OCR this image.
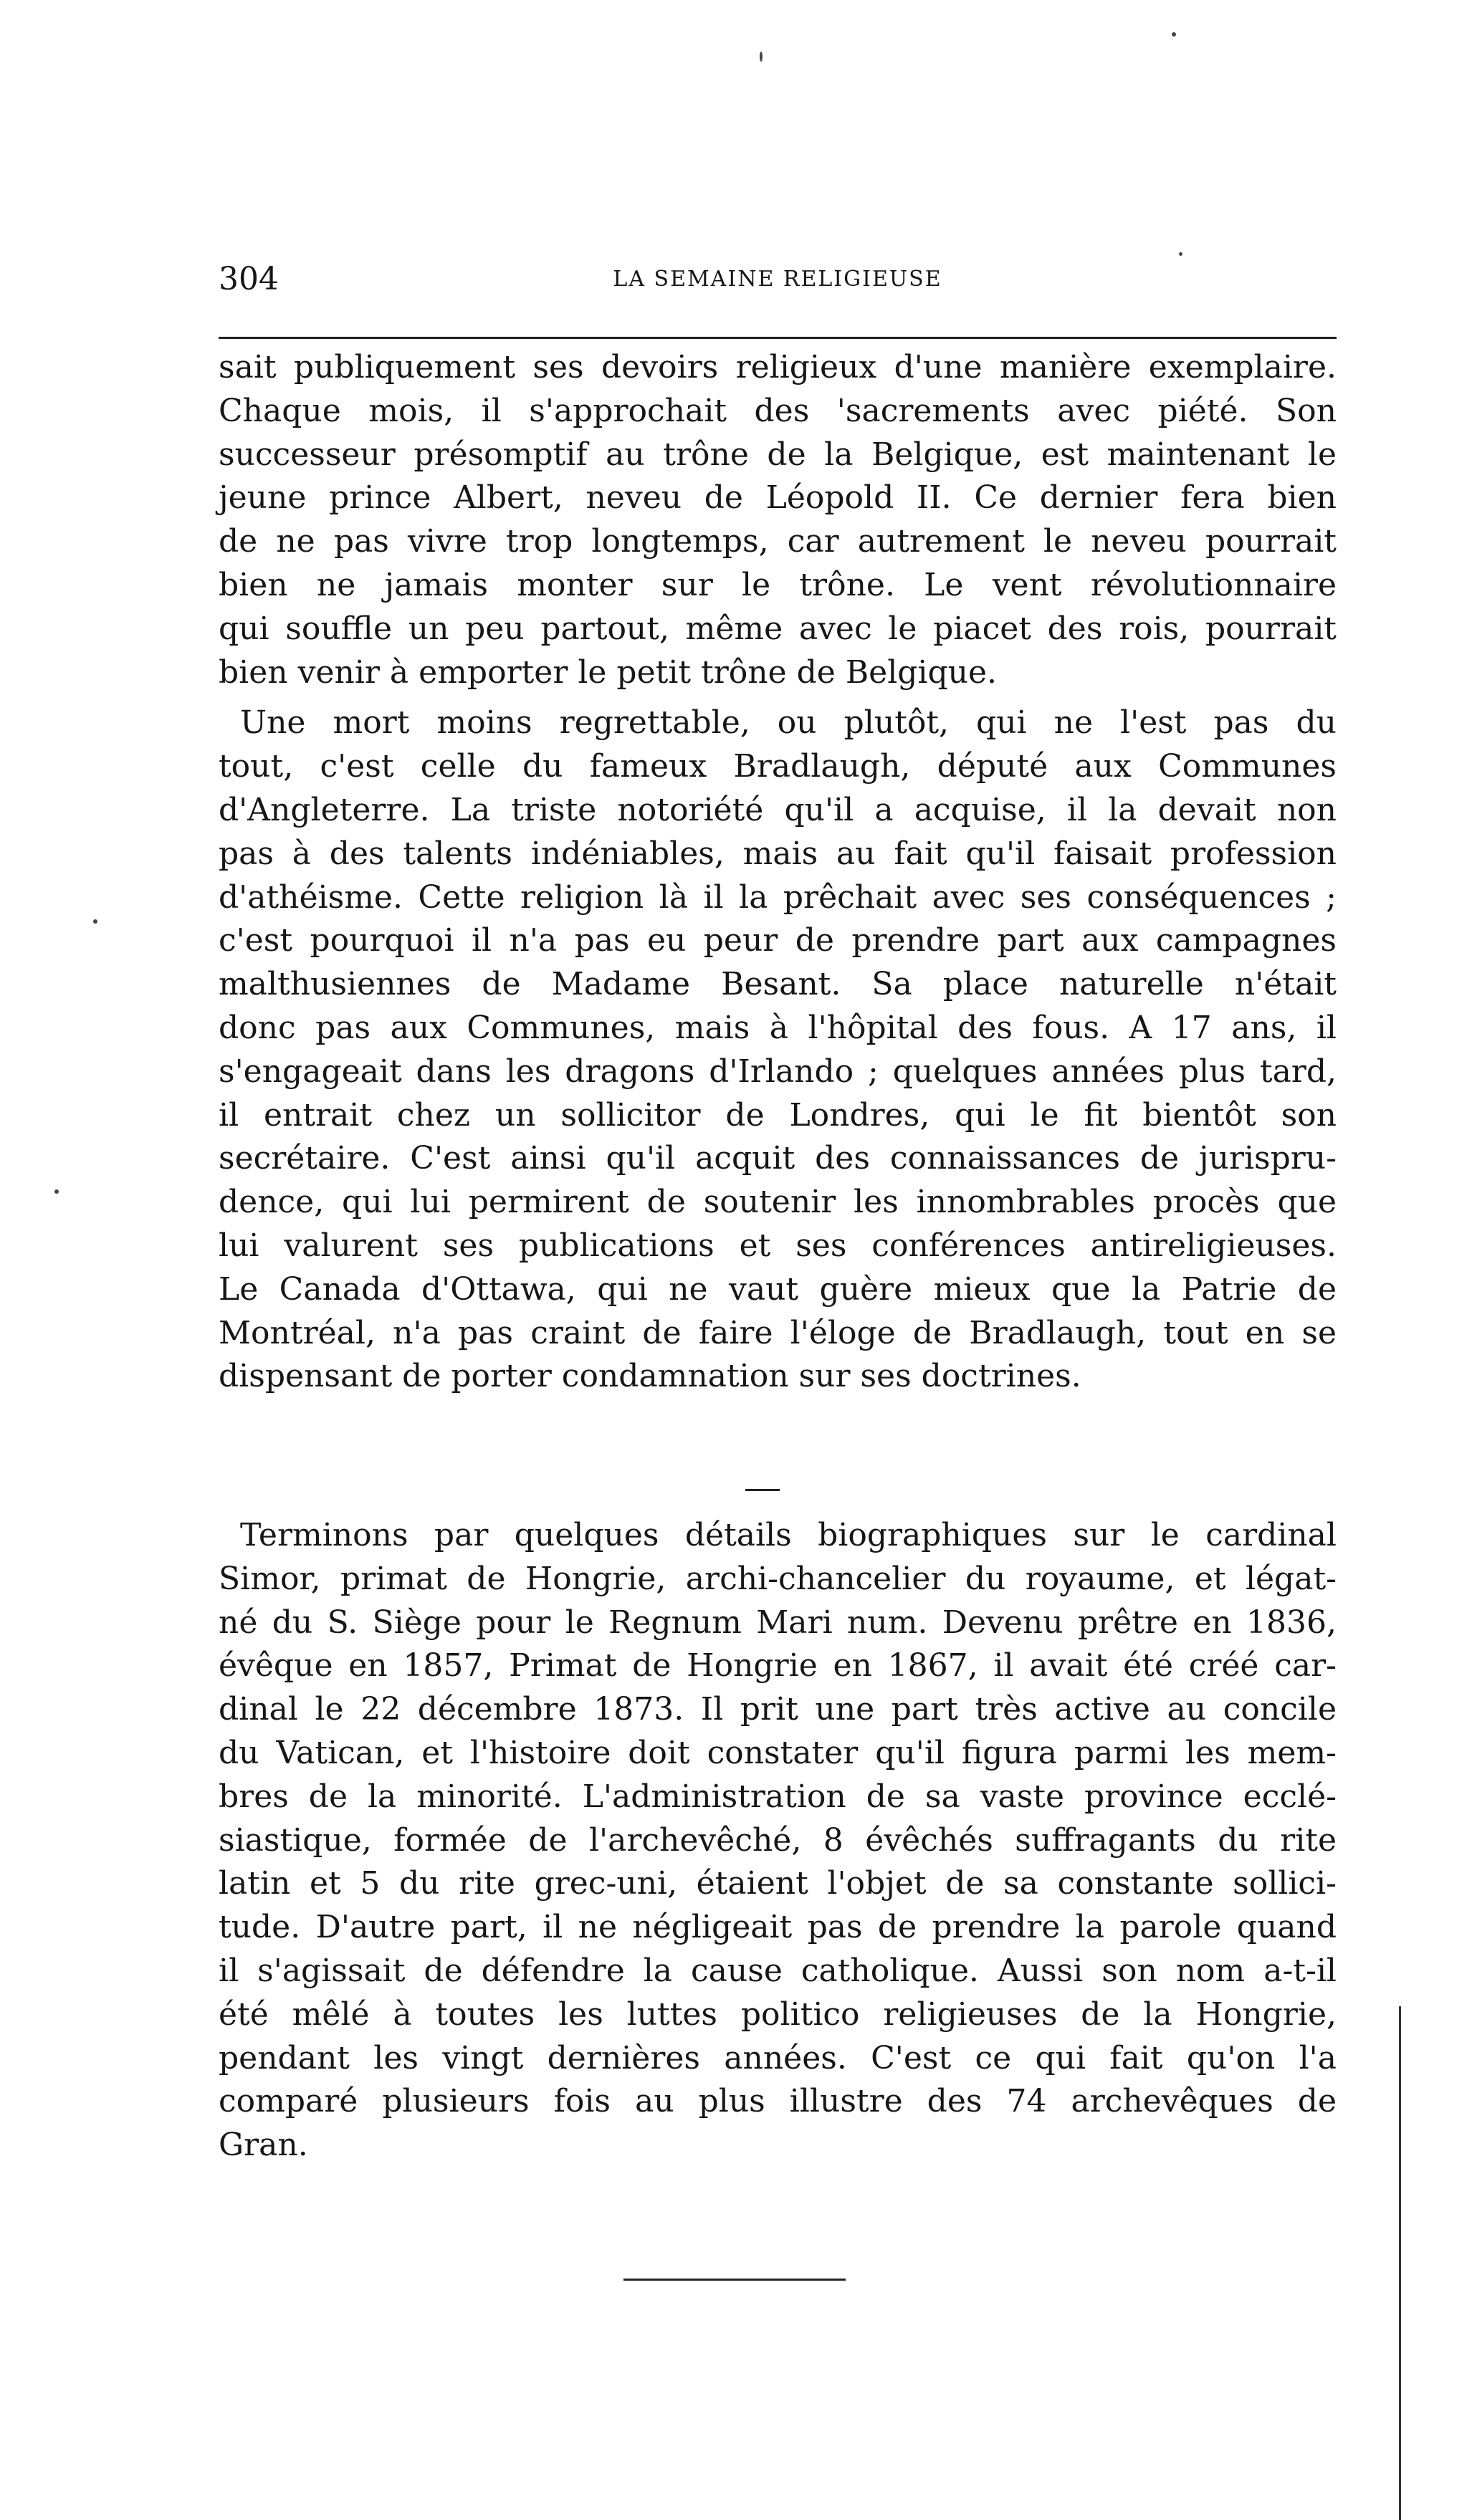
304	LA SEMAINE RELIGIEUSE

sait publiquement ses devoirs religieux d'une manière exemplaire.
Chaque mois, il s'approchait des 'sacrements avec piété. Son
successeur présomptif au trône de la Belgique, est maintenant le
jeune prince Albert, neveu de Léopold II. Ce dernier fera bien
de ne pas vivre trop longtemps, car autrement le neveu pourrait
bien ne jamais monter sur le trône. Le vent révolutionnaire
qui souffle un peu partout, même avec le piacet des rois, pourrait
bien venir à emporter le petit trône de Belgique.

Une mort moins regrettable, ou plutôt, qui ne l'est pas du
tout, c'est celle du fameux Bradlaugh, député aux Communes
d'Angleterre. La triste notoriété qu'il a acquise, il la devait non
pas à des talents indéniables, mais au fait qu'il faisait profession
d'athéisme. Cette religion là il la prêchait avec ses conséquences ;
c'est pourquoi il n'a pas eu peur de prendre part aux campagnes
malthusiennes de Madame Besant. Sa place naturelle n'était
donc pas aux Communes, mais à l'hôpital des fous. A 17 ans, il
s'engageait dans les dragons d'Irlando ; quelques années plus tard,
il entrait chez un sollicitor de Londres, qui le fit bientôt son
secrétaire. C'est ainsi qu'il acquit des connaissances de jurispru-
dence, qui lui permirent de soutenir les innombrables procès que
lui valurent ses publications et ses conférences antireligieuses.
Le Canada d'Ottawa, qui ne vaut guère mieux que la Patrie de
Montréal, n'a pas craint de faire l'éloge de Bradlaugh, tout en se
dispensant de porter condamnation sur ses doctrines.

Terminons par quelques détails biographiques sur le cardinal
Simor, primat de Hongrie, archi-chancelier du royaume, et légat-
né du S. Siège pour le Regnum Mari num. Devenu prêtre en 1836,
évêque en 1857, Primat de Hongrie en 1867, il avait été créé car-
dinal le 22 décembre 1873. Il prit une part très active au concile
du Vatican, et l'histoire doit constater qu'il figura parmi les mem-
bres de la minorité. L'administration de sa vaste province ecclé-
siastique, formée de l'archevêché, 8 évêchés suffragants du rite
latin et 5 du rite grec-uni, étaient l'objet de sa constante sollici-
tude. D'autre part, il ne négligeait pas de prendre la parole quand
il s'agissait de défendre la cause catholique. Aussi son nom a-t-il
été mêlé à toutes les luttes politico religieuses de la Hongrie,
pendant les vingt dernières années. C'est ce qui fait qu'on l'a
comparé plusieurs fois au plus illustre des 74 archevêques de
Gran.
